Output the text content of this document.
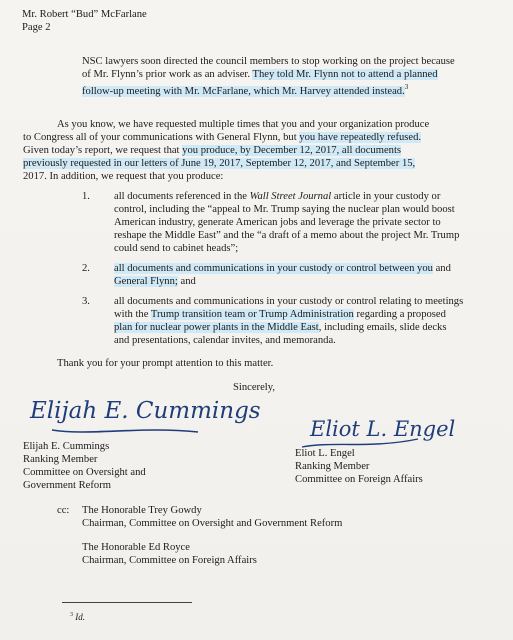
Mr. Robert “Bud” McFarlane
Page 2
NSC lawyers soon directed the council members to stop working on the project because
of Mr. Flynn’s prior work as an adviser. They told Mr. Flynn not to attend a planned
follow-up meeting with Mr. McFarlane, which Mr. Harvey attended instead.$^3$
As you know, we have requested multiple times that you and your organization produce
to Congress all of your communications with General Flynn, but you have repeatedly refused.
Given today’s report, we request that you produce, by December 12, 2017, all documents
previously requested in our letters of June 19, 2017, September 12, 2017, and September 15,
2017. In addition, we request that you produce:
1. all documents referenced in the Wall Street Journal article in your custody or
control, including the “appeal to Mr. Trump saying the nuclear plan would boost
American industry, generate American jobs and leverage the private sector to
reshape the Middle East” and the “a draft of a memo about the project Mr. Trump
could send to cabinet heads”;
2. all documents and communications in your custody or control between you and
General Flynn; and
3. all documents and communications in your custody or control relating to meetings
with the Trump transition team or Trump Administration regarding a proposed
plan for nuclear power plants in the Middle East, including emails, slide decks
and presentations, calendar invites, and memoranda.
Thank you for your prompt attention to this matter.
Sincerely,
Elijah E. Cummings
Eliot L. Engel
Elijah E. Cummings
Ranking Member
Committee on Oversight and
Government Reform
Eliot L. Engel
Ranking Member
Committee on Foreign Affairs
cc: The Honorable Trey Gowdy
Chairman, Committee on Oversight and Government Reform
The Honorable Ed Royce
Chairman, Committee on Foreign Affairs
$^3$ Id.
